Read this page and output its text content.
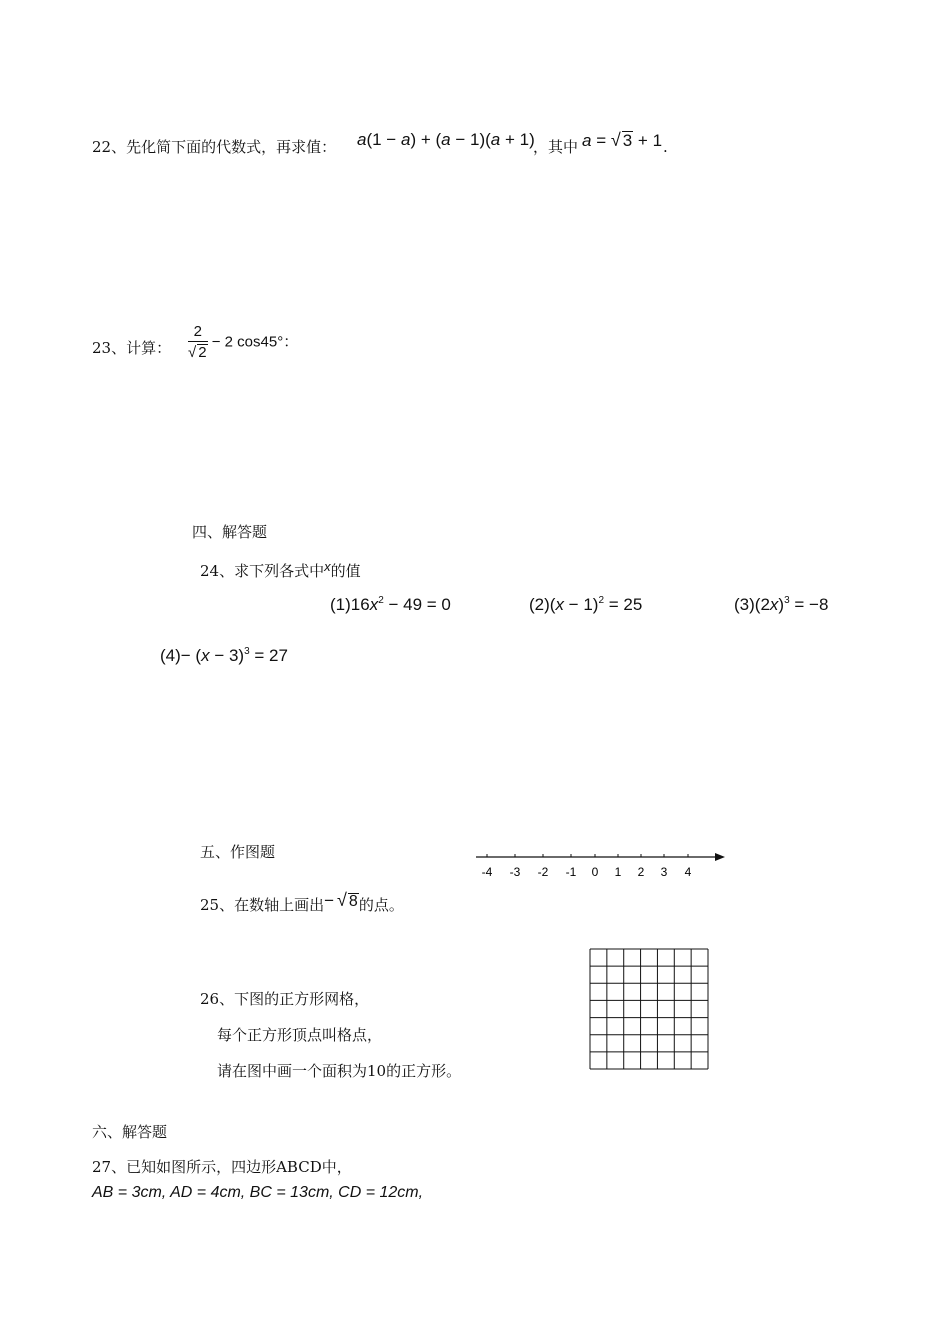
22、先化简下面的代数式，再求值： a(1 − a) + (a − 1)(a + 1)
，其中 a = √ 3 + 1 .
23、计算： $\frac{2}{√ 2} - 2$ cos45°：
四、解答题
24、求下列各式中x的值
$(1)16x^2 - 49 = 0$	$(2)(x - 1)^2 = 25$	$(3)(2x)^3 = -8$
$(4)- (x - 3)^3 = 27$
五、作图题
-4 -3 -2 -1 0 1 2 3 4
25、在数轴上画出− √ 8的点。
26、下图的正方形网格，
每个正方形顶点叫格点，
请在图中画一个面积为10的正方形。
六、解答题
27、已知如图所示，四边形ABCD中，
AB = 3cm, AD = 4cm, BC = 13cm, CD = 12cm,
